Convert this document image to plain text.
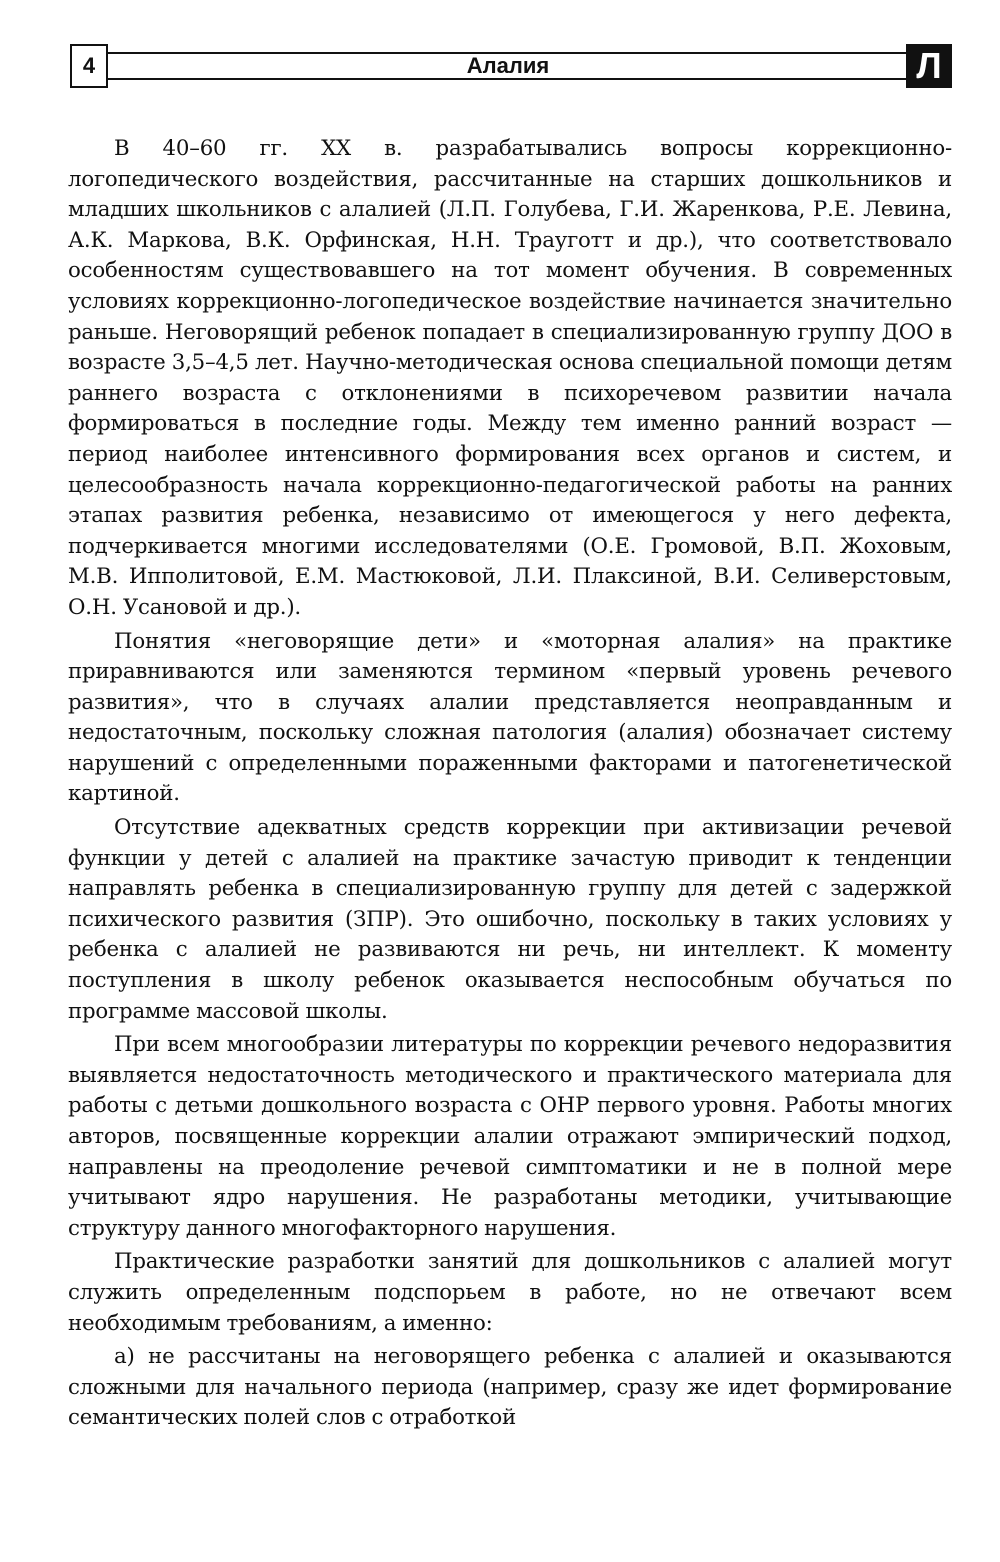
4	Алалия	Л

В 40–60 гг. XX в. разрабатывались вопросы коррекционно-логопедического воздействия, рассчитанные на старших дошкольников и младших школьников с алалией (Л.П. Голубева, Г.И. Жаренкова, Р.Е. Левина, А.К. Маркова, В.К. Орфинская, Н.Н. Трауготт и др.), что соответствовало особенностям существовавшего на тот момент обучения. В современных условиях коррекционно-логопедическое воздействие начинается значительно раньше. Неговорящий ребенок попадает в специализированную группу ДОО в возрасте 3,5–4,5 лет. Научно-методическая основа специальной помощи детям раннего возраста с отклонениями в психоречевом развитии начала формироваться в последние годы. Между тем именно ранний возраст — период наиболее интенсивного формирования всех органов и систем, и целесообразность начала коррекционно-педагогической работы на ранних этапах развития ребенка, независимо от имеющегося у него дефекта, подчеркивается многими исследователями (О.Е. Громовой, В.П. Жоховым, М.В. Ипполитовой, Е.М. Мастюковой, Л.И. Плаксиной, В.И. Селиверстовым, О.Н. Усановой и др.).

Понятия «неговорящие дети» и «моторная алалия» на практике приравниваются или заменяются термином «первый уровень речевого развития», что в случаях алалии представляется неоправданным и недостаточным, поскольку сложная патология (алалия) обозначает систему нарушений с определенными пораженными факторами и патогенетической картиной.

Отсутствие адекватных средств коррекции при активизации речевой функции у детей с алалией на практике зачастую приводит к тенденции направлять ребенка в специализированную группу для детей с задержкой психического развития (ЗПР). Это ошибочно, поскольку в таких условиях у ребенка с алалией не развиваются ни речь, ни интеллект. К моменту поступления в школу ребенок оказывается неспособным обучаться по программе массовой школы.

При всем многообразии литературы по коррекции речевого недоразвития выявляется недостаточность методического и практического материала для работы с детьми дошкольного возраста с ОНР первого уровня. Работы многих авторов, посвященные коррекции алалии отражают эмпирический подход, направлены на преодоление речевой симптоматики и не в полной мере учитывают ядро нарушения. Не разработаны методики, учитывающие структуру данного многофакторного нарушения.

Практические разработки занятий для дошкольников с алалией могут служить определенным подспорьем в работе, но не отвечают всем необходимым требованиям, а именно:

а) не рассчитаны на неговорящего ребенка с алалией и оказываются сложными для начального периода (например, сразу же идет формирование семантических полей слов с отработкой
